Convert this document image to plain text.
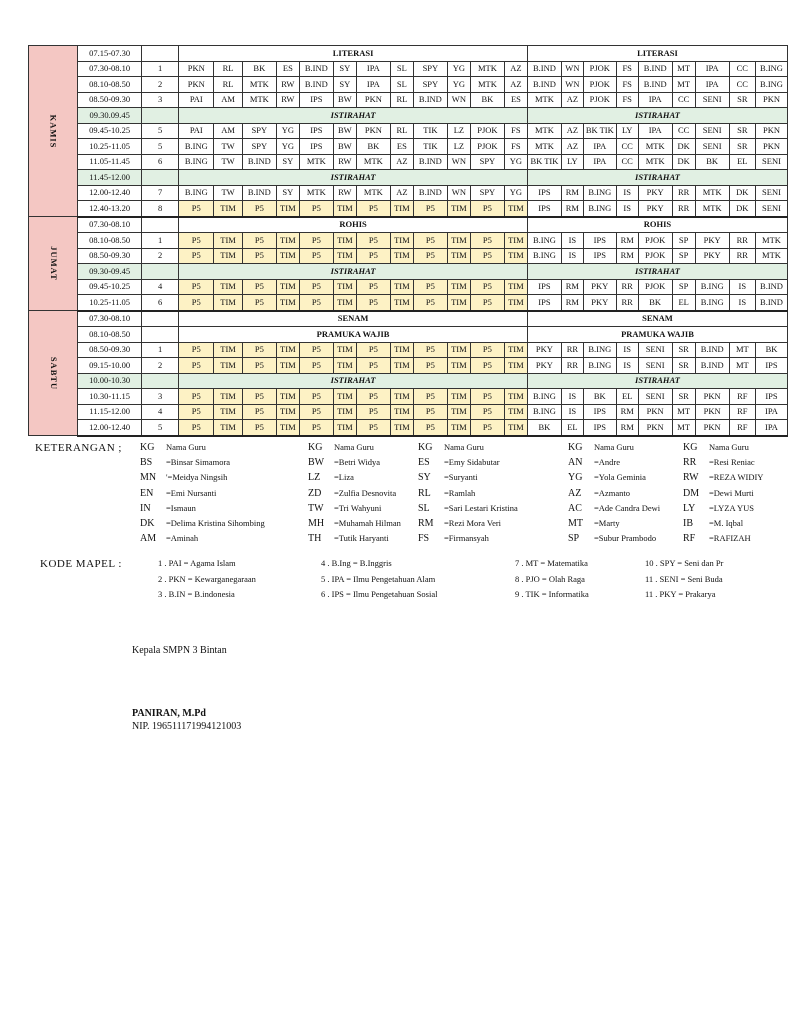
KAMIS	07.15-07.30		LITERASI												LITERASI								
	07.30-08.10	1	PKN	RL	BK	ES	B.IND	SY	IPA	SL	SPY	YG	MTK	AZ	B.IND	WN	PJOK	FS	B.IND	MT	IPA	CC	B.ING
	08.10-08.50	2	PKN	RL	MTK	RW	B.IND	SY	IPA	SL	SPY	YG	MTK	AZ	B.IND	WN	PJOK	FS	B.IND	MT	IPA	CC	B.ING
	08.50-09.30	3	PAI	AM	MTK	RW	IPS	BW	PKN	RL	B.IND	WN	BK	ES	MTK	AZ	PJOK	FS	IPA	CC	SENI	SR	PKN
	09.30.09.45		ISTIRAHAT												ISTIRAHAT								
	09.45-10.25	5	PAI	AM	SPY	YG	IPS	BW	PKN	RL	TIK	LZ	PJOK	FS	MTK	AZ	BK TIK	LY	IPA	CC	SENI	SR	PKN
	10.25-11.05	5	B.ING	TW	SPY	YG	IPS	BW	BK	ES	TIK	LZ	PJOK	FS	MTK	AZ	IPA	CC	MTK	DK	SENI	SR	PKN
	11.05-11.45	6	B.ING	TW	B.IND	SY	MTK	RW	MTK	AZ	B.IND	WN	SPY	YG	BK TIK	LY	IPA	CC	MTK	DK	BK	EL	SENI
	11.45-12.00		ISTIRAHAT												ISTIRAHAT								
	12.00-12.40	7	B.ING	TW	B.IND	SY	MTK	RW	MTK	AZ	B.IND	WN	SPY	YG	IPS	RM	B.ING	IS	PKY	RR	MTK	DK	SENI
	12.40-13.20	8	P5	TIM	P5	TIM	P5	TIM	P5	TIM	P5	TIM	P5	TIM	IPS	RM	B.ING	IS	PKY	RR	MTK	DK	SENI
JUMAT	07.30-08.10		ROHIS												ROHIS								
	08.10-08.50	1	P5	TIM	P5	TIM	P5	TIM	P5	TIM	P5	TIM	P5	TIM	B.ING	IS	IPS	RM	PJOK	SP	PKY	RR	MTK
	08.50-09.30	2	P5	TIM	P5	TIM	P5	TIM	P5	TIM	P5	TIM	P5	TIM	B.ING	IS	IPS	RM	PJOK	SP	PKY	RR	MTK
	09.30-09.45		ISTIRAHAT												ISTIRAHAT								
	09.45-10.25	4	P5	TIM	P5	TIM	P5	TIM	P5	TIM	P5	TIM	P5	TIM	IPS	RM	PKY	RR	PJOK	SP	B.ING	IS	B.IND
	10.25-11.05	6	P5	TIM	P5	TIM	P5	TIM	P5	TIM	P5	TIM	P5	TIM	IPS	RM	PKY	RR	BK	EL	B.ING	IS	B.IND
SABTU	07.30-08.10		SENAM												SENAM								
	08.10-08.50		PRAMUKA WAJIB												PRAMUKA WAJIB								
	08.50-09.30	1	P5	TIM	P5	TIM	P5	TIM	P5	TIM	P5	TIM	P5	TIM	PKY	RR	B.ING	IS	SENI	SR	B.IND	MT	BK
	09.15-10.00	2	P5	TIM	P5	TIM	P5	TIM	P5	TIM	P5	TIM	P5	TIM	PKY	RR	B.ING	IS	SENI	SR	B.IND	MT	IPS
	10.00-10.30		ISTIRAHAT												ISTIRAHAT								
	10.30-11.15	3	P5	TIM	P5	TIM	P5	TIM	P5	TIM	P5	TIM	P5	TIM	B.ING	IS	BK	EL	SENI	SR	PKN	RF	IPS
	11.15-12.00	4	P5	TIM	P5	TIM	P5	TIM	P5	TIM	P5	TIM	P5	TIM	B.ING	IS	IPS	RM	PKN	MT	PKN	RF	IPA
	12.00-12.40	5	P5	TIM	P5	TIM	P5	TIM	P5	TIM	P5	TIM	P5	TIM	BK	EL	IPS	RM	PKN	MT	PKN	RF	IPA
KETERANGAN ; KG Nama Guru
BS =Binsar Simamora
MN '=Meidya Ningsih
EN =Emi Nursanti
IN =Ismaun
DK =Delima Kristina Sihombing
AM =Aminah
KG Nama Guru
BW =Betri Widya
LZ =Liza
ZD =Zulfia Desnovita
TW =Tri Wahyuni
MH =Muhamah Hilman
TH =Tutik Haryanti
KG Nama Guru
ES =Emy Sidabutar
SY =Suryanti
RL =Ramlah
SL =Sari Lestari Kristina
RM =Rezi Mora Veri
FS =Firmansyah
KG Nama Guru
AN =Andre
YG =Yola Geminia
AZ =Azmanto
AC =Ade Candra Dewi
MT =Marty
SP =Subur Prambodo
KG Nama Guru
RR =Resi Reniac
RW =REZA WIDIY
DM =Dewi Murti
LY =LYZA YUS
IB =M. Iqbal
RF =RAFIZAH
KODE MAPEL :	1 . PAI = Agama Islam
2 . PKN = Kewarganegaraan
3 . B.IN = B.indonesia
4 . B.Ing = B.Inggris
5 . IPA = Ilmu Pengetahuan Alam
6 . IPS = Ilmu Pengetahuan Sosial
7 . MT = Matematika
8 . PJO = Olah Raga
9 . TIK = Informatika
10 . SPY = Seni dan Pr
11 . SENI = Seni Buda
11 . PKY = Prakarya
Kepala SMPN 3 Bintan
PANIRAN, M.Pd
NIP. 196511171994121003
